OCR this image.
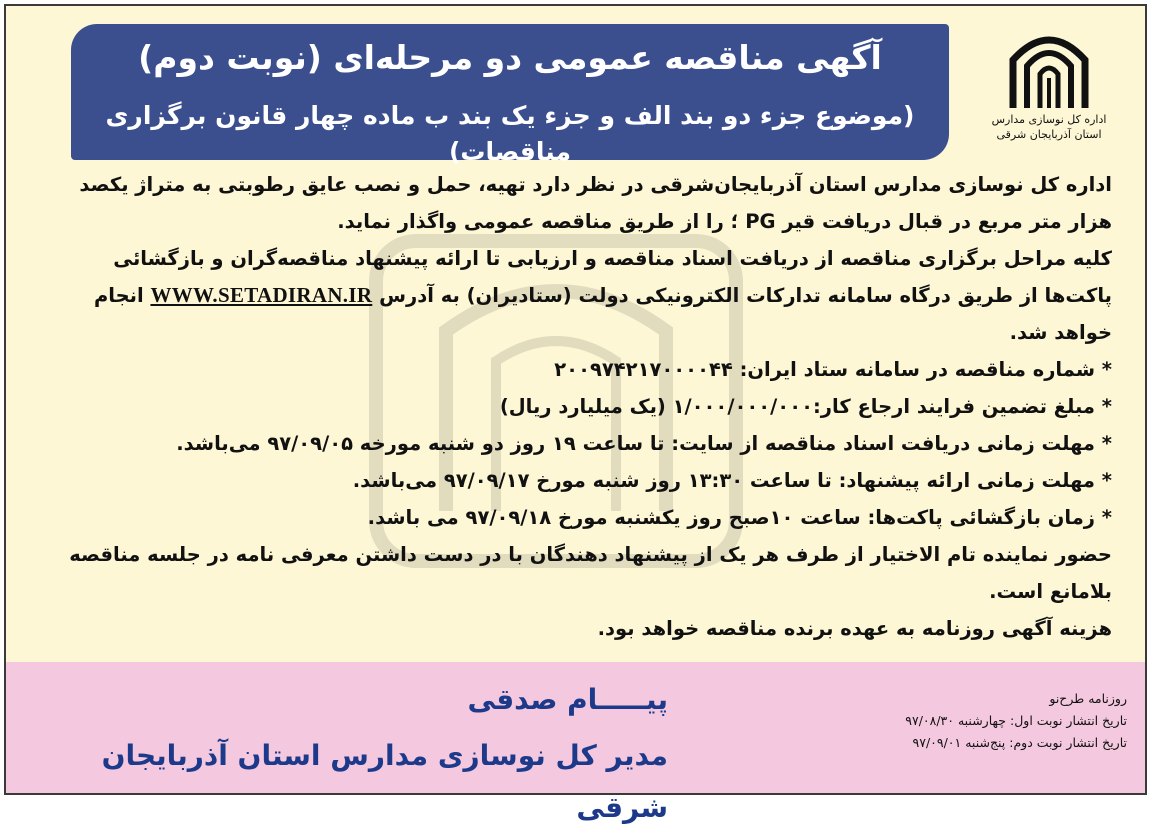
اداره کل نوسازی مدارس
استان آذربایجان شرقی
آگهی مناقصه عمومی دو مرحله‌ای (نوبت دوم)
(موضوع جزء دو بند الف و جزء یک بند ب ماده چهار قانون برگزاری مناقصات)

اداره کل نوسازی مدارس استان آذربایجان‌شرقی در نظر دارد تهیه، حمل و نصب عایق رطوبتی به متراژ یکصد هزار متر مربع در قبال دریافت قیر PG ؛ را از طریق مناقصه عمومی واگذار نماید.

کلیه مراحل برگزاری مناقصه از دریافت اسناد مناقصه و ارزیابی تا ارائه پیشنهاد مناقصه‌گران و بازگشائی پاکت‌ها از طریق درگاه سامانه تدارکات الکترونیکی دولت (ستادیران) به آدرس WWW.SETADIRAN.IR انجام خواهد شد.

* شماره مناقصه در سامانه ستاد ایران: ۲۰۰۹۷۴۲۱۷۰۰۰۰۴۴

* مبلغ تضمین فرایند ارجاع کار:۱/۰۰۰/۰۰۰/۰۰۰ (یک میلیارد ریال)

* مهلت زمانی دریافت اسناد مناقصه از سایت: تا ساعت ۱۹ روز دو شنبه مورخه ۹۷/۰۹/۰۵ می‌باشد.

* مهلت زمانی ارائه پیشنهاد: تا ساعت ۱۳:۳۰ روز شنبه مورخ ۹۷/۰۹/۱۷ می‌باشد.

* زمان بازگشائی پاکت‌ها: ساعت ۱۰صبح روز یکشنبه مورخ ۹۷/۰۹/۱۸ می باشد.

حضور نماینده تام الاختیار از طرف هر یک از پیشنهاد دهندگان با در دست داشتن معرفی نامه در جلسه مناقصه بلامانع است.

هزینه آگهی روزنامه به عهده برنده مناقصه خواهد بود.

پیـــــام صدقی
مدیر کل نوسازی مدارس استان آذربایجان شرقی
روزنامه طرح‌نو
تاریخ انتشار نوبت اول: چهارشنبه ۹۷/۰۸/۳۰
تاریخ انتشار نوبت دوم: پنج‌شنبه ۹۷/۰۹/۰۱
